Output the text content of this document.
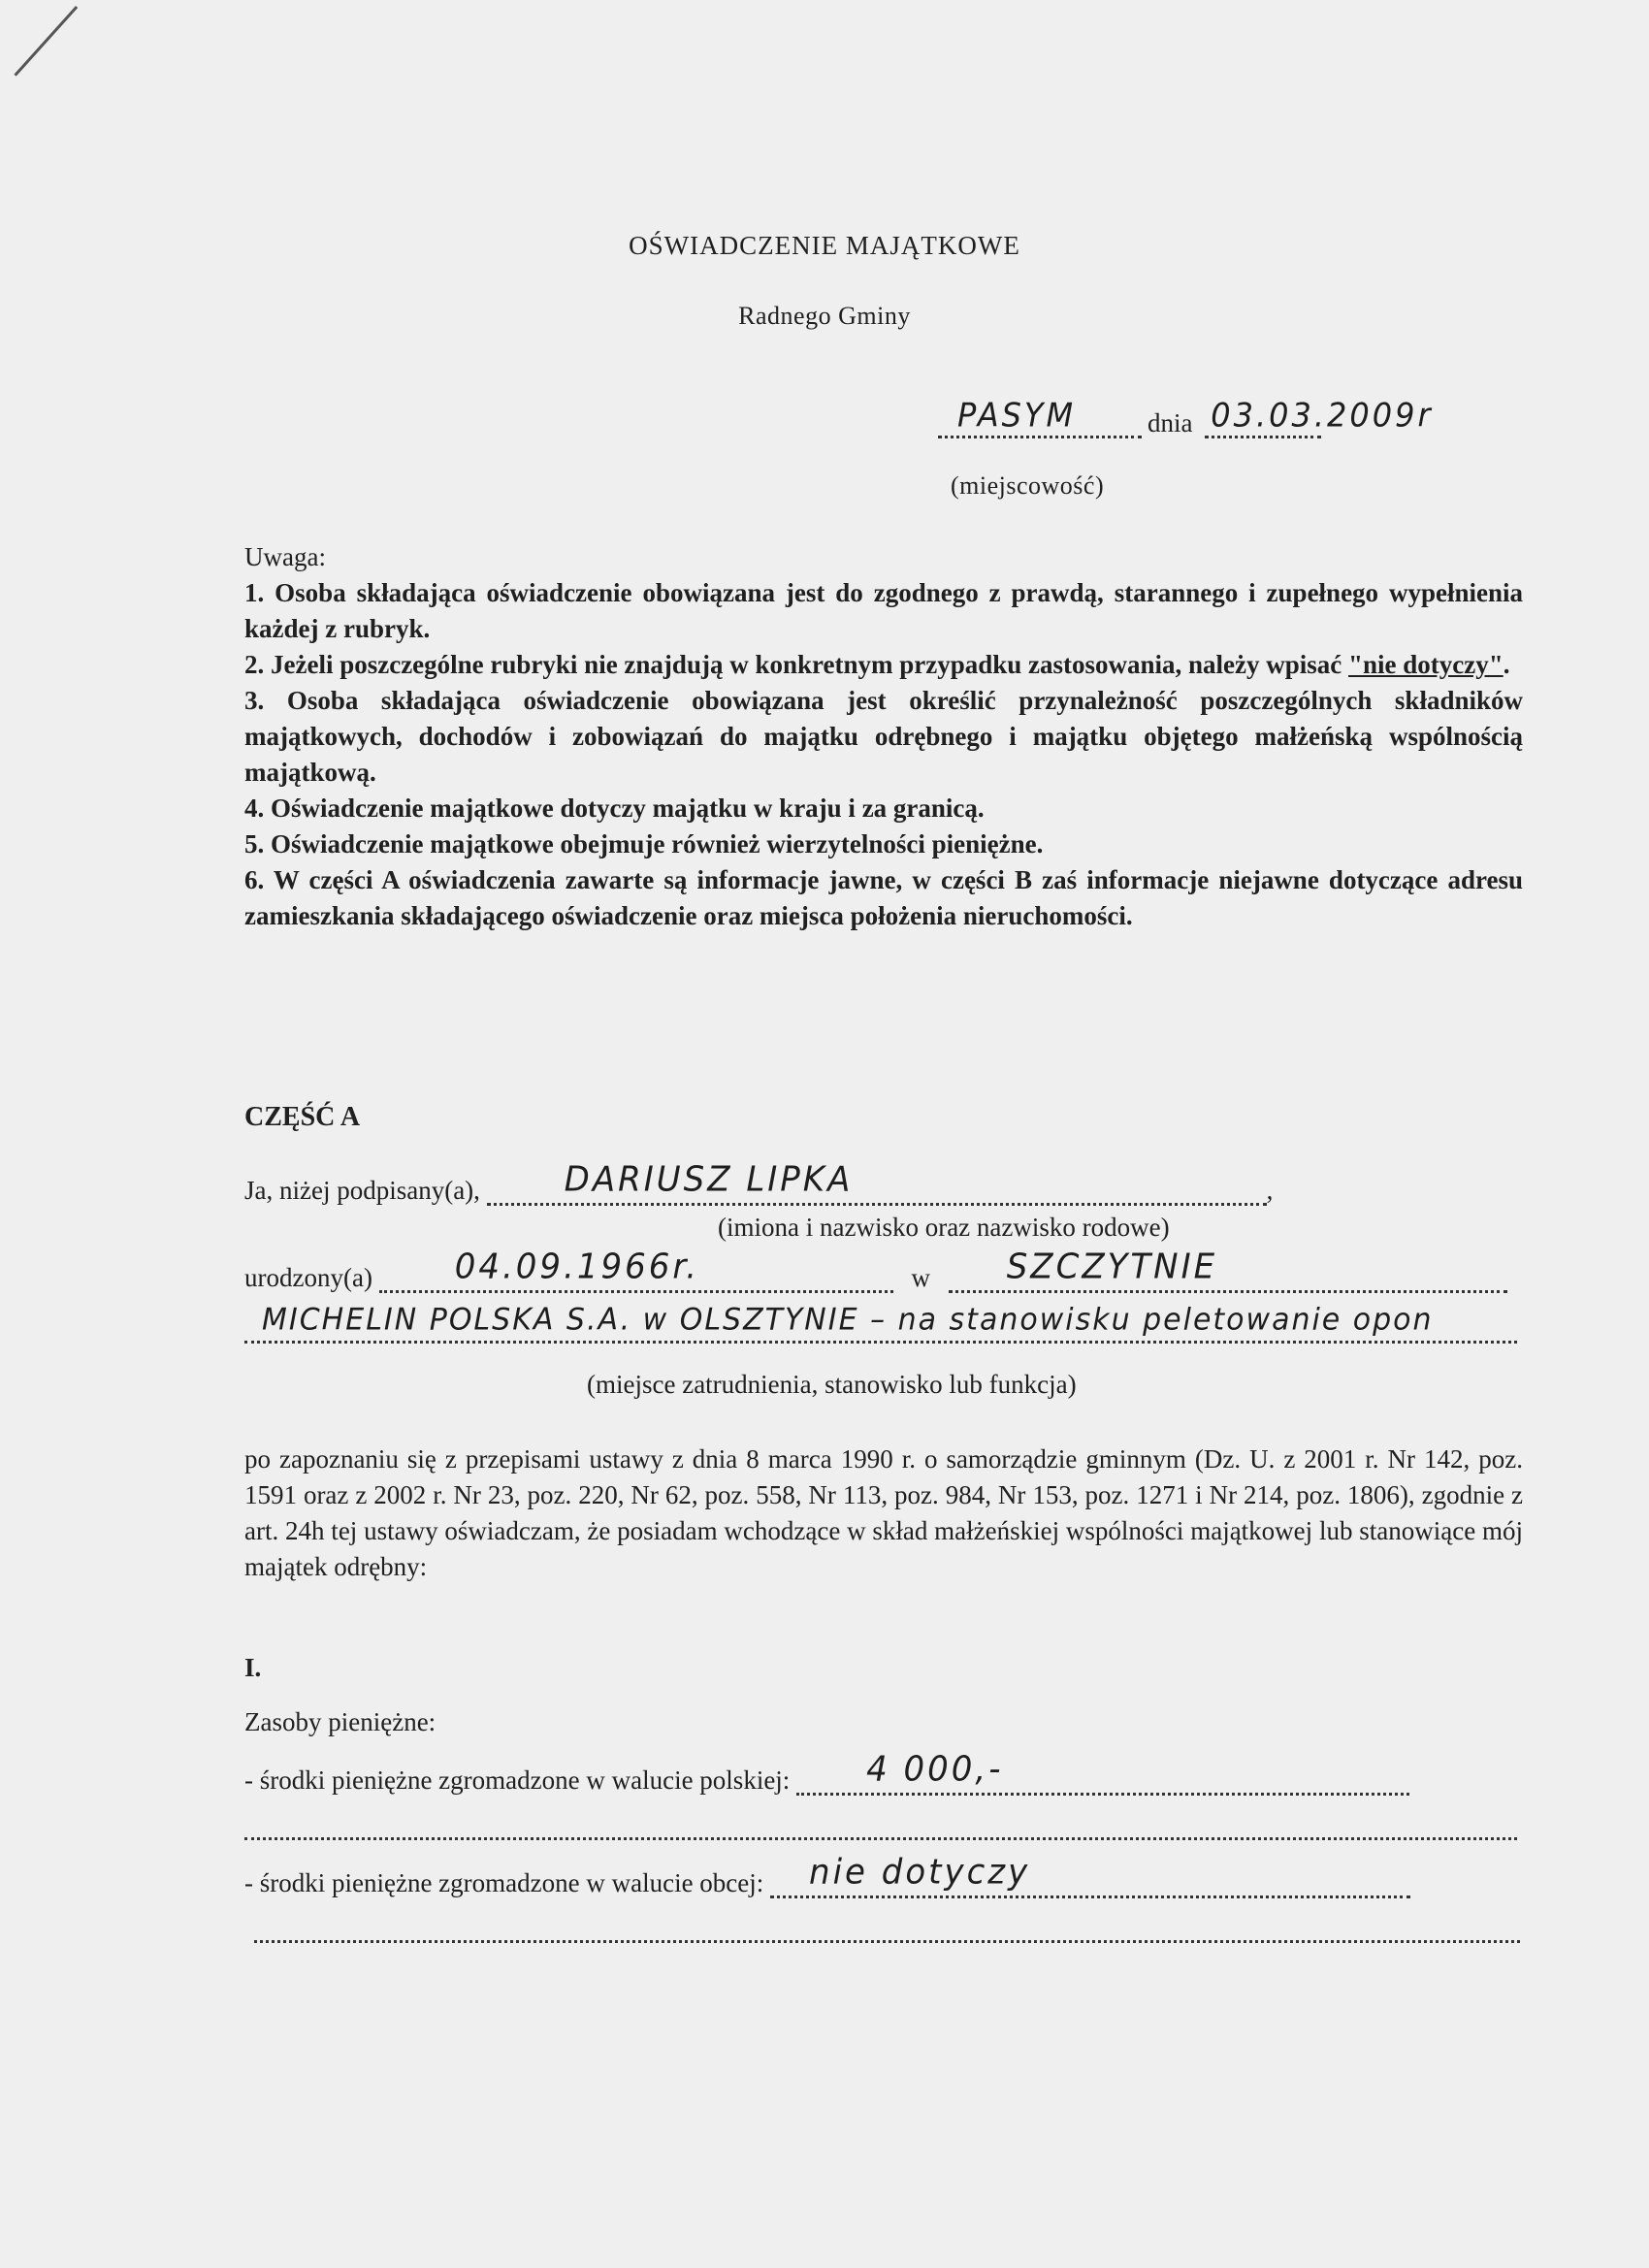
OŚWIADCZENIE MAJĄTKOWE
Radnego Gminy
PASYM	dnia 03.03.2009r
(miejscowość)

Uwaga:

1. Osoba składająca oświadczenie obowiązana jest do zgodnego z prawdą, starannego i zupełnego wypełnienia każdej z rubryk.

2. Jeżeli poszczególne rubryki nie znajdują w konkretnym przypadku zastosowania, należy wpisać "nie dotyczy".

3. Osoba składająca oświadczenie obowiązana jest określić przynależność poszczególnych składników majątkowych, dochodów i zobowiązań do majątku odrębnego i majątku objętego małżeńską wspólnością majątkową.

4. Oświadczenie majątkowe dotyczy majątku w kraju i za granicą.

5. Oświadczenie majątkowe obejmuje również wierzytelności pieniężne.

6. W części A oświadczenia zawarte są informacje jawne, w części B zaś informacje niejawne dotyczące adresu zamieszkania składającego oświadczenie oraz miejsca położenia nieruchomości.

CZĘŚĆ A
Ja, niżej podpisany(a),	DARIUSZ LIPKA	,
(imiona i nazwisko oraz nazwisko rodowe)
urodzony(a) 04.09.1966r.	w SZCZYTNIE
MICHELIN POLSKA S.A. w OLSZTYNIE – na stanowisku peletowanie opon
(miejsce zatrudnienia, stanowisko lub funkcja)

po zapoznaniu się z przepisami ustawy z dnia 8 marca 1990 r. o samorządzie gminnym (Dz. U. z 2001 r. Nr 142, poz. 1591 oraz z 2002 r. Nr 23, poz. 220, Nr 62, poz. 558, Nr 113, poz. 984, Nr 153, poz. 1271 i Nr 214, poz. 1806), zgodnie z art. 24h tej ustawy oświadczam, że posiadam wchodzące w skład małżeńskiej wspólności majątkowej lub stanowiące mój majątek odrębny:

I.
Zasoby pieniężne:
- środki pieniężne zgromadzone w walucie polskiej: 4 000,-
- środki pieniężne zgromadzone w walucie obcej: nie dotyczy
